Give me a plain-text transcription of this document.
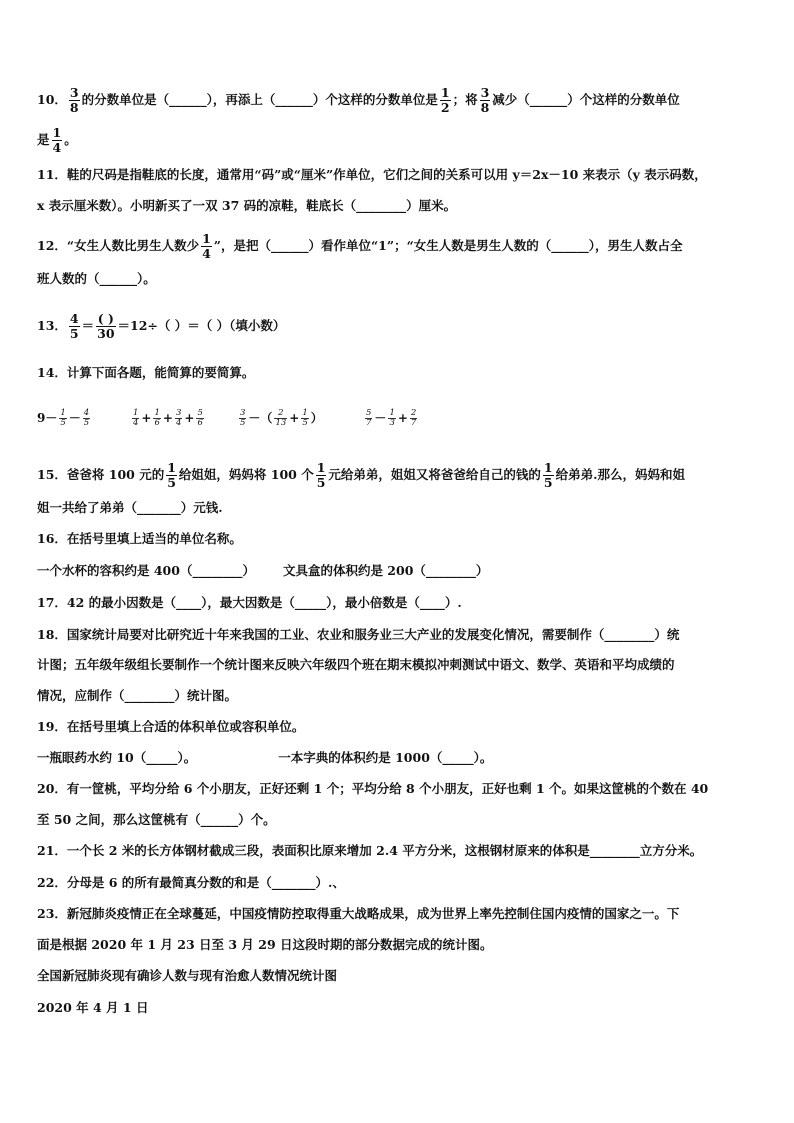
10． $\frac{3}{8}$ 的分数单位是（______），再添上（______）个这样的分数单位是 $\frac{1}{2}$ ；将 $\frac{3}{8}$ 减少（______）个这样的分数单位
是 $\frac{1}{4}$ 。
11．鞋的尺码是指鞋底的长度，通常用“码”或“厘米”作单位，它们之间的关系可以用 y＝2x－10 来表示（y 表示码数，
x 表示厘米数）。小明新买了一双 37 码的凉鞋，鞋底长（________）厘米。
12．“女生人数比男生人数少 $\frac{1}{4}$ ”，是把（______）看作单位“1”；“女生人数是男生人数的（______），男生人数占全
班人数的（______）。
13． $\frac{4}{5} = \frac{( )}{30} =12\div$（ ）＝（ ）（填小数）
14．计算下面各题，能简算的要简算。
$9- \frac{1}{5} - \frac{4}{5}$	$\frac{1}{4} + \frac{1}{6} + \frac{3}{4} + \frac{5}{6}$	$\frac{3}{5}$ －（ $\frac{2}{13} + \frac{1}{5}$ ）	$\frac{5}{7} - \frac{1}{3} + \frac{2}{7}$
15．爸爸将 100 元的 $\frac{1}{5}$ 给姐姐，妈妈将 100 个 $\frac{1}{5}$ 元给弟弟，姐姐又将爸爸给自己的钱的 $\frac{1}{5}$ 给弟弟.那么，妈妈和姐
姐一共给了弟弟（_______）元钱.
16．在括号里填上适当的单位名称。
一个水杯的容积约是 400（________） 文具盒的体积约是 200（________）
17．42 的最小因数是（____），最大因数是（_____），最小倍数是（____）.
18．国家统计局要对比研究近十年来我国的工业、农业和服务业三大产业的发展变化情况，需要制作（________）统
计图；五年级年级组长要制作一个统计图来反映六年级四个班在期末模拟冲刺测试中语文、数学、英语和平均成绩的
情况，应制作（________）统计图。
19．在括号里填上合适的体积单位或容积单位。
一瓶眼药水约 10（_____）。	一本字典的体积约是 1000（_____）。
20．有一筐桃，平均分给 6 个小朋友，正好还剩 1 个；平均分给 8 个小朋友，正好也剩 1 个。如果这筐桃的个数在 40
至 50 之间，那么这筐桃有（______）个。
21．一个长 2 米的长方体钢材截成三段，表面积比原来增加 2.4 平方分米，这根钢材原来的体积是________立方分米。
22．分母是 6 的所有最简真分数的和是（_______）.、
23．新冠肺炎疫情正在全球蔓延，中国疫情防控取得重大战略成果，成为世界上率先控制住国内疫情的国家之一。下
面是根据 2020 年 1 月 23 日至 3 月 29 日这段时期的部分数据完成的统计图。
全国新冠肺炎现有确诊人数与现有治愈人数情况统计图
2020 年 4 月 1 日
